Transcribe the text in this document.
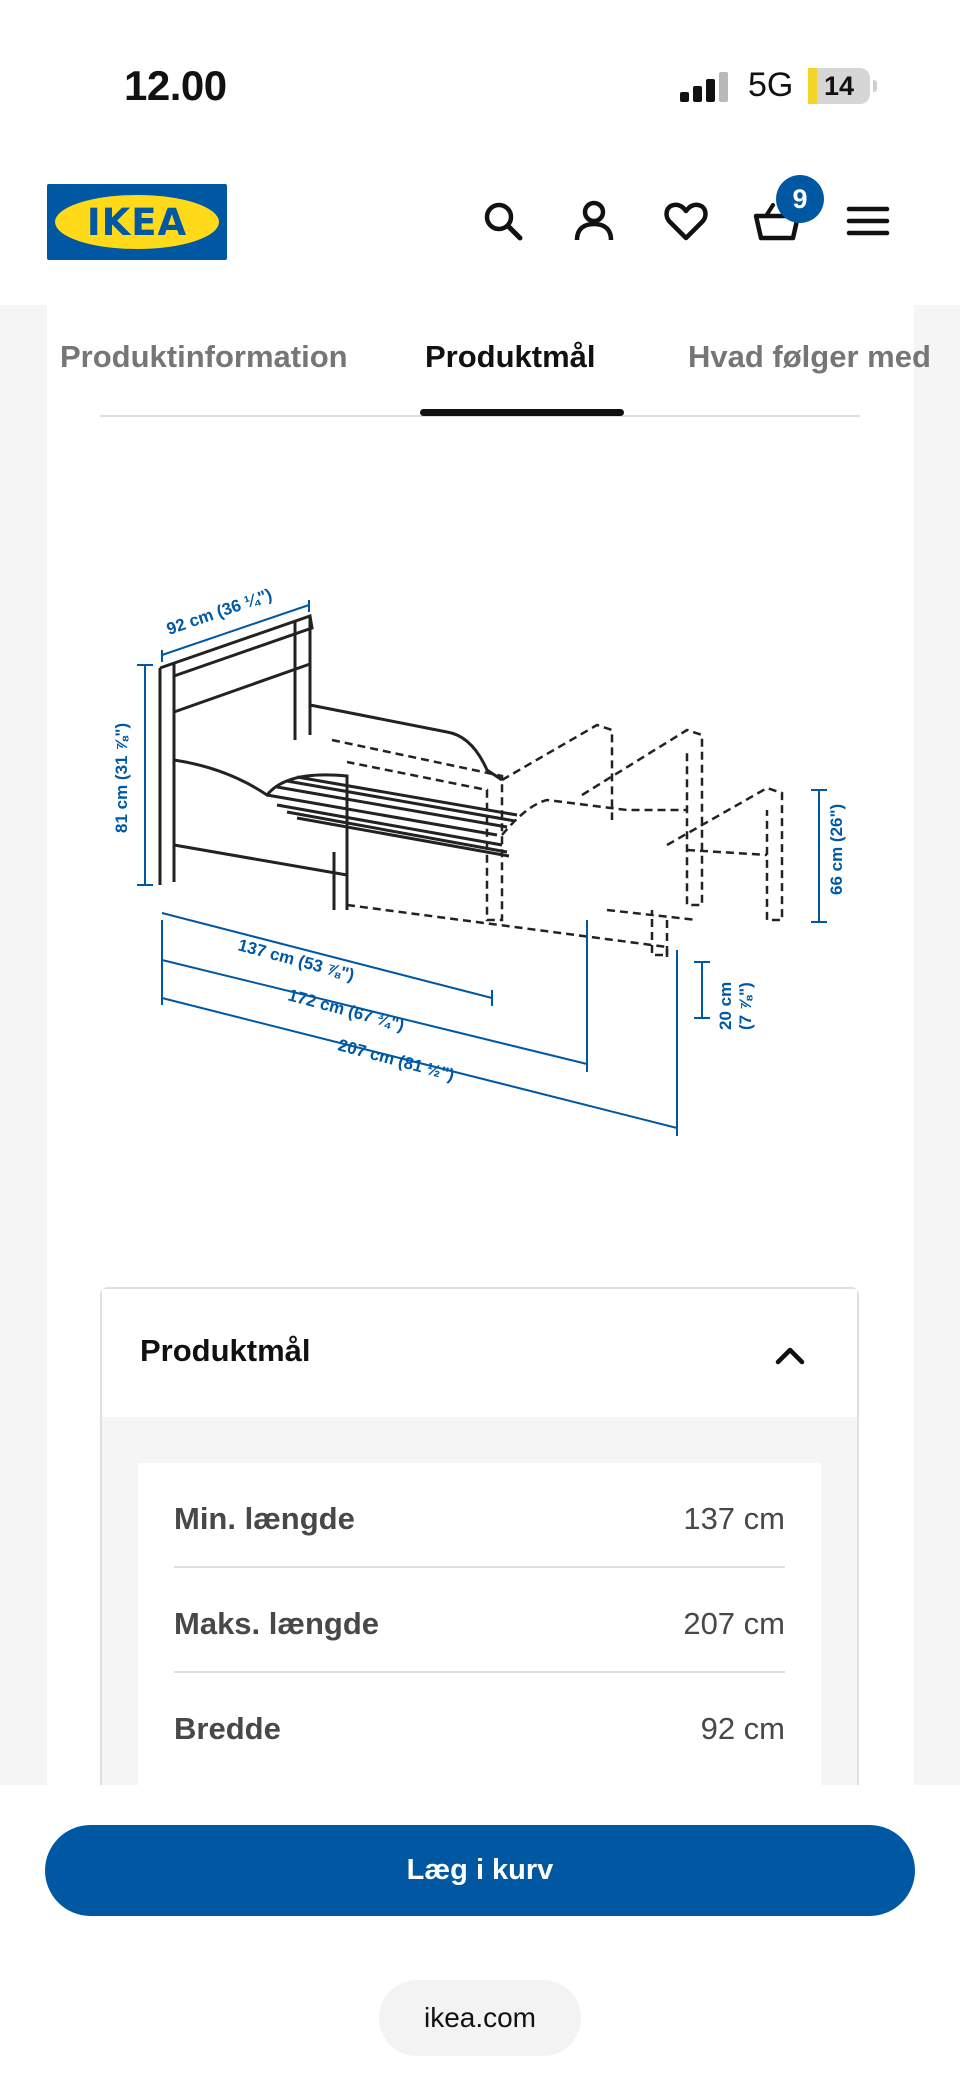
12.00	5G	14
IKEA
9
Produktinformation Produktmål	Hvad følger med
92 cm (36 ¼")
81 cm (31 ⅞")
66 cm (26")
20 cm (7 ⅞")
137 cm (53 ⅞")
172 cm (67 ¾")
207 cm (81 ½")
Produktmål
Min. længde	137 cm
Maks. længde	207 cm
Bredde	92 cm
Læg i kurv
ikea.com
